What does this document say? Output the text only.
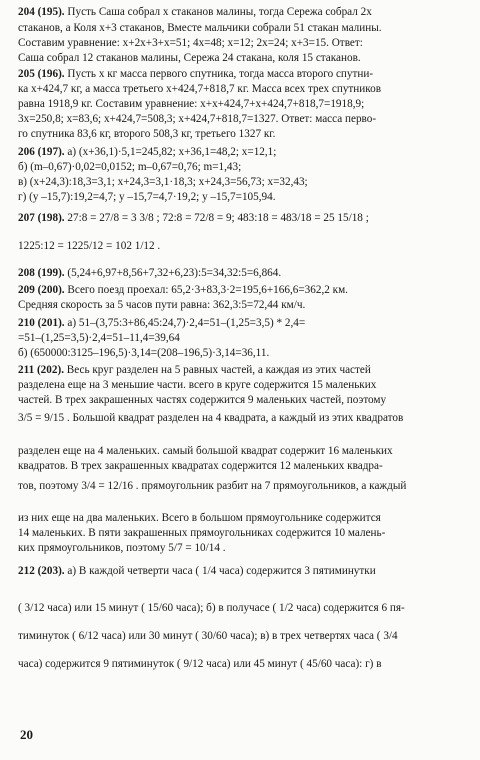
204 (195). Пусть Саша собрал x стаканов малины, тогда Сережа собрал 2x
стаканов, а Коля x+3 стаканов, Вместе мальчики собрали 51 стакан малины.
Составим уравнение: x+2x+3+x=51; 4x=48; x=12; 2x=24; x+3=15. Ответ:
Саша собрал 12 стаканов малины, Сережа 24 стакана, коля 15 стаканов.
205 (196). Пусть x кг масса первого спутника, тогда масса второго спутни-
ка x+424,7 кг, а масса третьего x+424,7+818,7 кг. Масса всех трех спутников
равна 1918,9 кг. Составим уравнение: x+x+424,7+x+424,7+818,7=1918,9;
3x=250,8; x=83,6; x+424,7=508,3; x+424,7+818,7=1327. Ответ: масса перво-
го спутника 83,6 кг, второго 508,3 кг, третьего 1327 кг.
206 (197). а) (x+36,1)·5,1=245,82; x+36,1=48,2; x=12,1;
б) (m–0,67)·0,02=0,0152; m–0,67=0,76; m=1,43;
в) (x+24,3):18,3=3,1; x+24,3=3,1·18,3; x+24,3=56,73; x=32,43;
г) (y –15,7):19,2=4,7; y –15,7=4,7·19,2; y –15,7=105,94.
207 (198). 27:8 = 27/8 = 3 3/8 ; 72:8 = 72/8 = 9; 483:18 = 483/18 = 25 15/18 ;
1225:12 = 1225/12 = 102 1/12 .
208 (199). (5,24+6,97+8,56+7,32+6,23):5=34,32:5=6,864.
209 (200). Всего поезд проехал: 65,2·3+83,3·2=195,6+166,6=362,2 км.
Средняя скорость за 5 часов пути равна: 362,3:5=72,44 км/ч.
210 (201). а) 51–(3,75:3+86,45:24,7)·2,4=51–(1,25=3,5) * 2,4=
=51–(1,25=3,5)·2,4=51–11,4=39,64
б) (650000:3125–196,5)·3,14=(208–196,5)·3,14=36,11.
211 (202). Весь круг разделен на 5 равных частей, а каждая из этих частей
разделена еще на 3 меньшие части. всего в круге содержится 15 маленьких
частей. В трех закрашенных частях содержится 9 маленьких частей, поэтому
3/5 = 9/15 . Большой квадрат разделен на 4 квадрата, а каждый из этих квадратов
разделен еще на 4 маленьких. самый большой квадрат содержит 16 маленьких
квадратов. В трех закрашенных квадратах содержится 12 маленьких квадра-
тов, поэтому 3/4 = 12/16 . прямоугольник разбит на 7 прямоугольников, а каждый
из них еще на два маленьких. Всего в большом прямоугольнике содержится
14 маленьких. В пяти закрашенных прямоугольниках содержится 10 малень-
ких прямоугольников, поэтому 5/7 = 10/14 .
212 (203). а) В каждой четверти часа ( 1/4 часа) содержится 3 пятиминутки
( 3/12 часа) или 15 минут ( 15/60 часа); б) в получасе ( 1/2 часа) содержится 6 пя-
тиминуток ( 6/12 часа) или 30 минут ( 30/60 часа); в) в трех четвертях часа ( 3/4
часа) содержится 9 пятиминуток ( 9/12 часа) или 45 минут ( 45/60 часа): г) в
20
